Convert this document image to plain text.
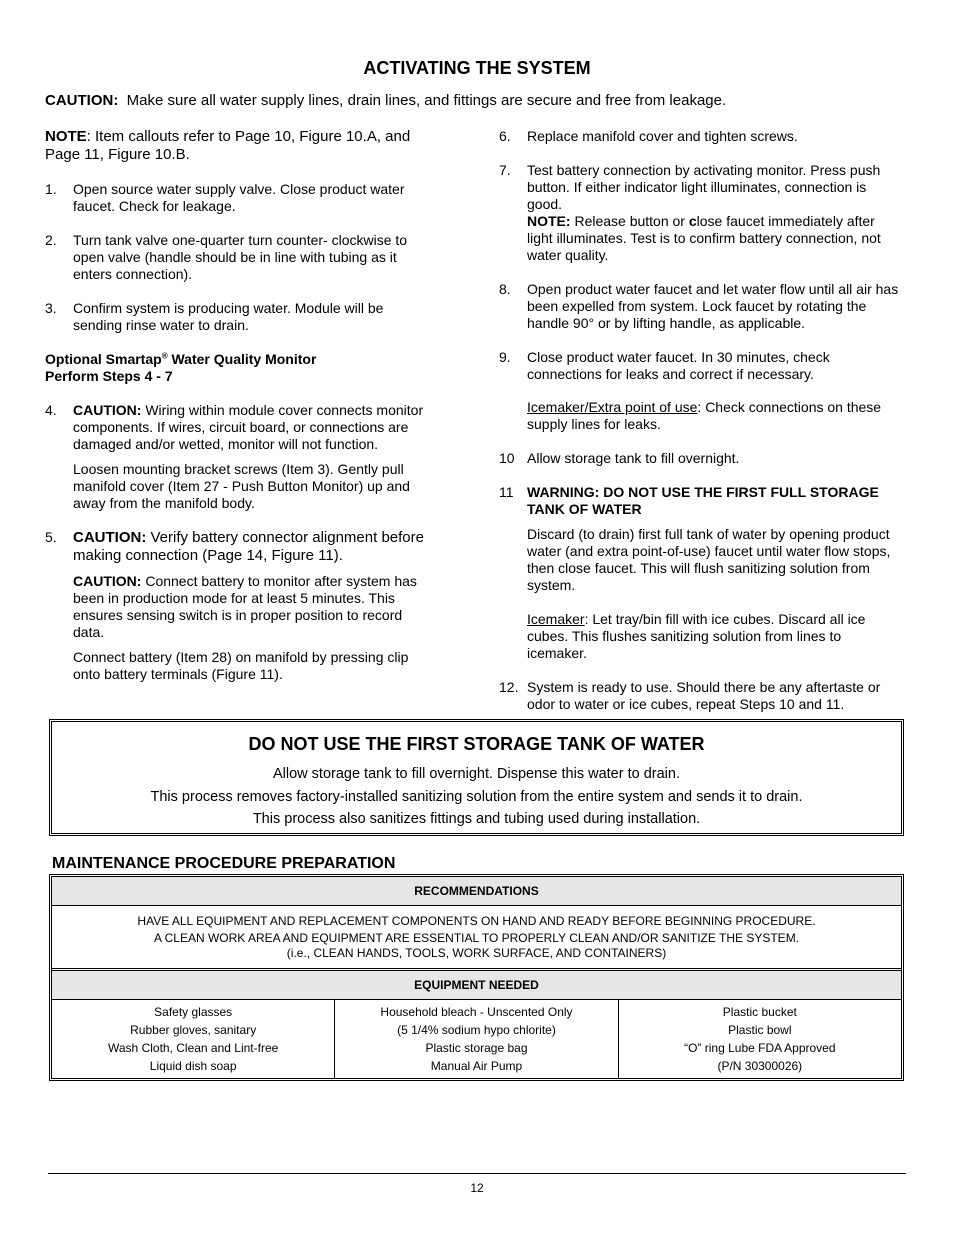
ACTIVATING THE SYSTEM
CAUTION: Make sure all water supply lines, drain lines, and fittings are secure and free from leakage.
NOTE: Item callouts refer to Page 10, Figure 10.A, and Page 11, Figure 10.B.
1. Open source water supply valve. Close product water faucet. Check for leakage.
2. Turn tank valve one-quarter turn counter- clockwise to open valve (handle should be in line with tubing as it enters connection).
3. Confirm system is producing water. Module will be sending rinse water to drain.
Optional Smartap® Water Quality Monitor
Perform Steps 4 - 7
4. CAUTION: Wiring within module cover connects monitor components. If wires, circuit board, or connections are damaged and/or wetted, monitor will not function.
Loosen mounting bracket screws (Item 3). Gently pull manifold cover (Item 27 - Push Button Monitor) up and away from the manifold body.
5. CAUTION: Verify battery connector alignment before making connection (Page 14, Figure 11).
CAUTION: Connect battery to monitor after system has been in production mode for at least 5 minutes. This ensures sensing switch is in proper position to record data.
Connect battery (Item 28) on manifold by pressing clip onto battery terminals (Figure 11).
6. Replace manifold cover and tighten screws.
7. Test battery connection by activating monitor. Press push button. If either indicator light illuminates, connection is good.
NOTE: Release button or close faucet immediately after light illuminates. Test is to confirm battery connection, not water quality.
8. Open product water faucet and let water flow until all air has been expelled from system. Lock faucet by rotating the handle 90° or by lifting handle, as applicable.
9. Close product water faucet. In 30 minutes, check connections for leaks and correct if necessary.
Icemaker/Extra point of use: Check connections on these supply lines for leaks.
10 Allow storage tank to fill overnight.
11 WARNING: DO NOT USE THE FIRST FULL STORAGE TANK OF WATER
Discard (to drain) first full tank of water by opening product water (and extra point-of-use) faucet until water flow stops, then close faucet. This will flush sanitizing solution from system.
Icemaker: Let tray/bin fill with ice cubes. Discard all ice cubes. This flushes sanitizing solution from lines to icemaker.
12. System is ready to use. Should there be any aftertaste or odor to water or ice cubes, repeat Steps 10 and 11.
DO NOT USE THE FIRST STORAGE TANK OF WATER

Allow storage tank to fill overnight. Dispense this water to drain.

This process removes factory-installed sanitizing solution from the entire system and sends it to drain.

This process also sanitizes fittings and tubing used during installation.

MAINTENANCE PROCEDURE PREPARATION
RECOMMENDATIONS
HAVE ALL EQUIPMENT AND REPLACEMENT COMPONENTS ON HAND AND READY BEFORE BEGINNING PROCEDURE.
A CLEAN WORK AREA AND EQUIPMENT ARE ESSENTIAL TO PROPERLY CLEAN AND/OR SANITIZE THE SYSTEM.
(i.e., CLEAN HANDS, TOOLS, WORK SURFACE, AND CONTAINERS)
EQUIPMENT NEEDED
Safety glasses
Rubber gloves, sanitary
Wash Cloth, Clean and Lint-free
Liquid dish soap
Household bleach - Unscented Only
(5 1/4% sodium hypo chlorite)
Plastic storage bag
Manual Air Pump
Plastic bucket
Plastic bowl
“O” ring Lube FDA Approved
(P/N 30300026)
12
